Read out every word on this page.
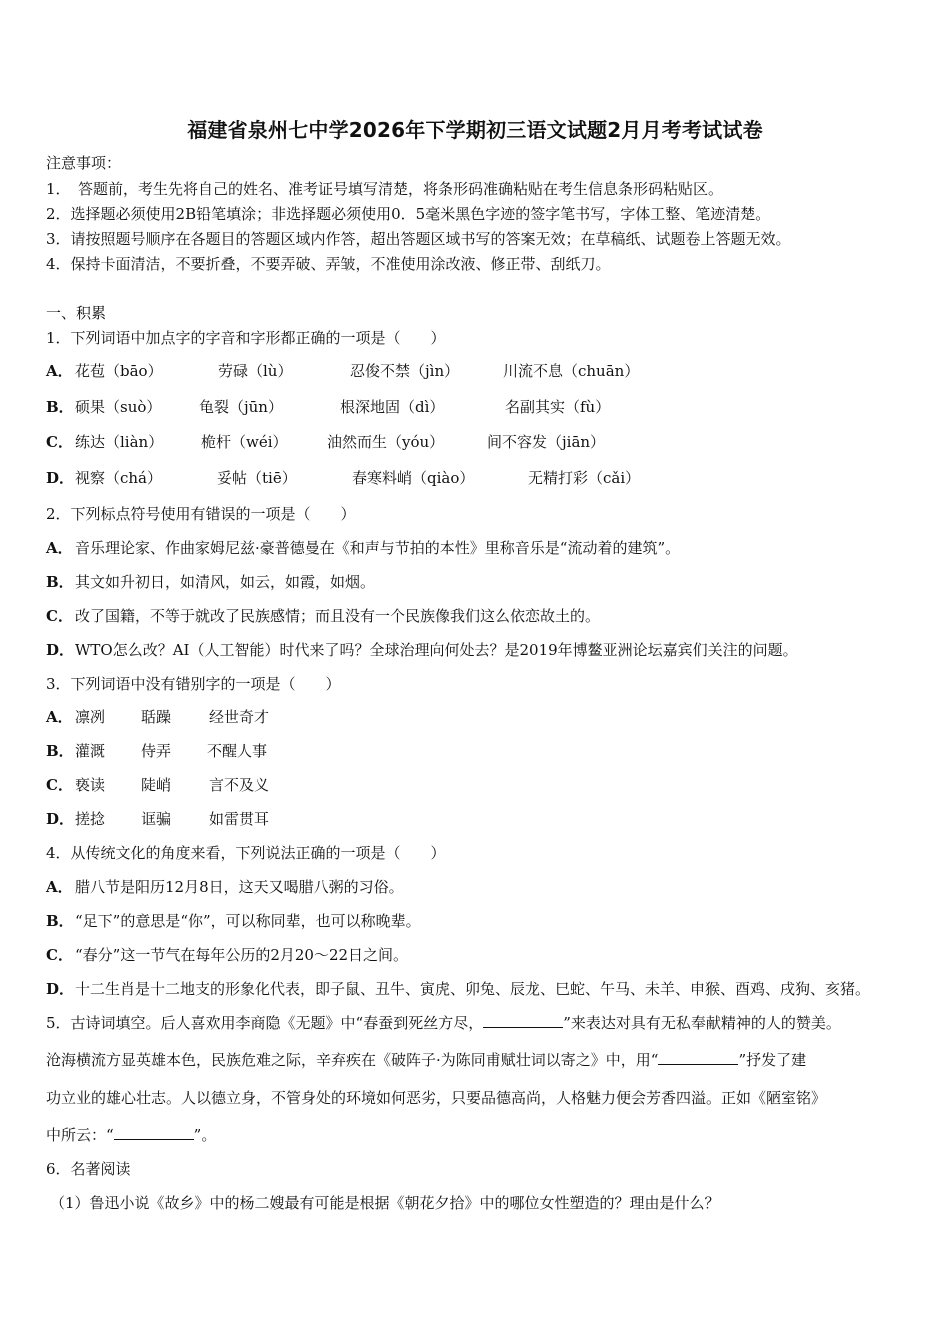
福建省泉州七中学2026年下学期初三语文试题2月月考考试试卷
注意事项：
1．　答题前，考生先将自己的姓名、准考证号填写清楚，将条形码准确粘贴在考生信息条形码粘贴区。
2．选择题必须使用2B铅笔填涂；非选择题必须使用0．5毫米黑色字迹的签字笔书写，字体工整、笔迹清楚。
3．请按照题号顺序在各题目的答题区域内作答，超出答题区域书写的答案无效；在草稿纸、试题卷上答题无效。
4．保持卡面清洁，不要折叠，不要弄破、弄皱，不准使用涂改液、修正带、刮纸刀。
一、积累
1．下列词语中加点字的字音和字形都正确的一项是（　　）
A． 花苞（bāo）	劳碌（lù）	忍俊不禁（jìn）	川流不息（chuān）
B． 硕果（suò）	龟裂（jūn）	根深地固（dì）	名副其实（fù）
C． 练达（liàn）	桅杆（wéi）	油然而生（yóu）	间不容发（jiān）
D． 视察（chá）	妥帖（tiē）	春寒料峭（qiào）	无精打彩（cǎi）
2．下列标点符号使用有错误的一项是（　　）
A． 音乐理论家、作曲家姆尼兹·豪普德曼在《和声与节拍的本性》里称音乐是“流动着的建筑”。
B． 其文如升初日，如清风，如云，如霞，如烟。
C． 改了国籍，不等于就改了民族感情；而且没有一个民族像我们这么依恋故土的。
D． WTO怎么改？AI（人工智能）时代来了吗？全球治理向何处去？是2019年博鳌亚洲论坛嘉宾们关注的问题。
3．下列词语中没有错别字的一项是（　　）
A． 凛冽 聒躁	经世奇才
B． 灌溉 侍弄 不醒人事
C． 亵读 陡峭	言不及义
D． 搓捻 诓骗	如雷贯耳
4．从传统文化的角度来看，下列说法正确的一项是（　　）
A． 腊八节是阳历12月8日，这天又喝腊八粥的习俗。
B． “足下”的意思是“你”，可以称同辈，也可以称晚辈。
C． “春分”这一节气在每年公历的2月20～22日之间。
D． 十二生肖是十二地支的形象化代表，即子鼠、丑牛、寅虎、卯兔、辰龙、巳蛇、午马、未羊、申猴、酉鸡、戌狗、亥猪。
5．古诗词填空。后人喜欢用李商隐《无题》中“春蚕到死丝方尽，	”来表达对具有无私奉献精神的人的赞美。
沧海横流方显英雄本色，民族危难之际，辛弃疾在《破阵子·为陈同甫赋壮词以寄之》中，用“	”抒发了建
功立业的雄心壮志。人以德立身，不管身处的环境如何恶劣，只要品德高尚，人格魅力便会芳香四溢。正如《陋室铭》
中所云：“	”。
6．名著阅读
（1）鲁迅小说《故乡》中的杨二嫂最有可能是根据《朝花夕拾》中的哪位女性塑造的？理由是什么？
